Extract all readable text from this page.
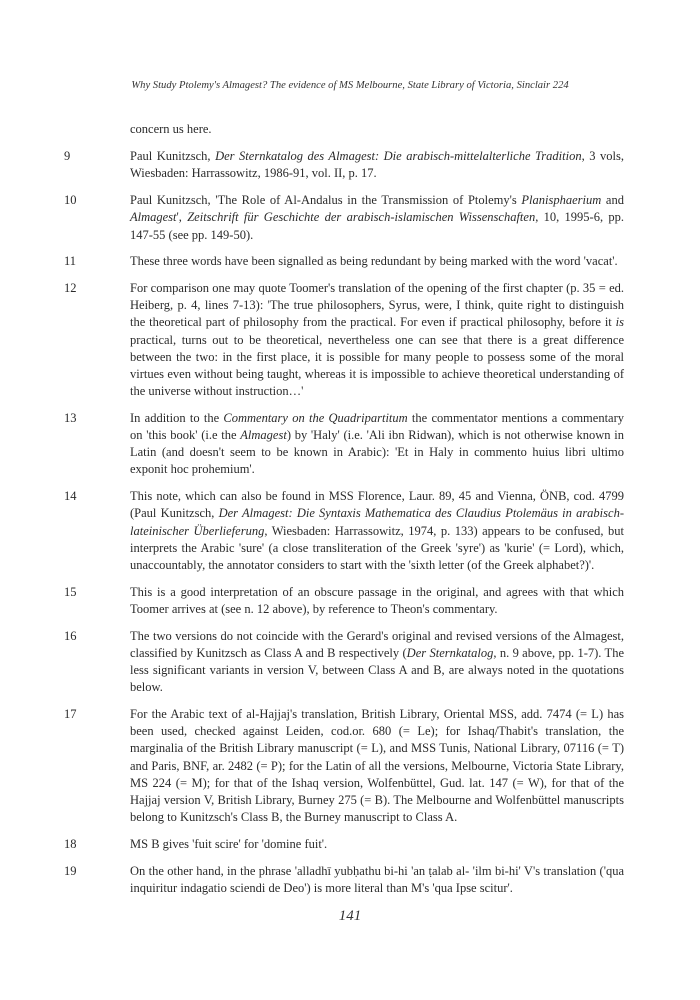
Why Study Ptolemy's Almagest? The evidence of MS Melbourne, State Library of Victoria, Sinclair 224
concern us here.
9	Paul Kunitzsch, Der Sternkatalog des Almagest: Die arabisch-mittelalterliche Tradition, 3 vols, Wiesbaden: Harrassowitz, 1986-91, vol. II, p. 17.
10	Paul Kunitzsch, 'The Role of Al-Andalus in the Transmission of Ptolemy's Planisphaerium and Almagest', Zeitschrift für Geschichte der arabisch-islamischen Wissenschaften, 10, 1995-6, pp. 147-55 (see pp. 149-50).
11	These three words have been signalled as being redundant by being marked with the word 'vacat'.
12	For comparison one may quote Toomer's translation of the opening of the first chapter (p. 35 = ed. Heiberg, p. 4, lines 7-13): 'The true philosophers, Syrus, were, I think, quite right to distinguish the theoretical part of philosophy from the practical. For even if practical philosophy, before it is practical, turns out to be theoretical, nevertheless one can see that there is a great difference between the two: in the first place, it is possible for many people to possess some of the moral virtues even without being taught, whereas it is impossible to achieve theoretical understanding of the universe without instruction…'
13	In addition to the Commentary on the Quadripartitum the commentator mentions a commentary on 'this book' (i.e the Almagest) by 'Haly' (i.e. 'Ali ibn Ridwan), which is not otherwise known in Latin (and doesn't seem to be known in Arabic): 'Et in Haly in commento huius libri ultimo exponit hoc prohemium'.
14	This note, which can also be found in MSS Florence, Laur. 89, 45 and Vienna, ÖNB, cod. 4799 (Paul Kunitzsch, Der Almagest: Die Syntaxis Mathematica des Claudius Ptolemäus in arabisch-lateinischer Überlieferung, Wiesbaden: Harrassowitz, 1974, p. 133) appears to be confused, but interprets the Arabic 'sure' (a close transliteration of the Greek 'syre') as 'kurie' (= Lord), which, unaccountably, the annotator considers to start with the 'sixth letter (of the Greek alphabet?)'.
15	This is a good interpretation of an obscure passage in the original, and agrees with that which Toomer arrives at (see n. 12 above), by reference to Theon's commentary.
16	The two versions do not coincide with the Gerard's original and revised versions of the Almagest, classified by Kunitzsch as Class A and B respectively (Der Sternkatalog, n. 9 above, pp. 1-7). The less significant variants in version V, between Class A and B, are always noted in the quotations below.
17	For the Arabic text of al-Hajjaj's translation, British Library, Oriental MSS, add. 7474 (= L) has been used, checked against Leiden, cod.or. 680 (= Le); for Ishaq/Thabit's translation, the marginalia of the British Library manuscript (= L), and MSS Tunis, National Library, 07116 (= T) and Paris, BNF, ar. 2482 (= P); for the Latin of all the versions, Melbourne, Victoria State Library, MS 224 (= M); for that of the Ishaq version, Wolfenbüttel, Gud. lat. 147 (= W), for that of the Hajjaj version V, British Library, Burney 275 (= B). The Melbourne and Wolfenbüttel manuscripts belong to Kunitzsch's Class B, the Burney manuscript to Class A.
18	MS B gives 'fuit scire' for 'domine fuit'.
19	On the other hand, in the phrase 'alladhī yubḥathu bi-hi 'an ṭalab al- 'ilm bi-hi' V's translation ('qua inquiritur indagatio sciendi de Deo') is more literal than M's 'qua Ipse scitur'.
141
